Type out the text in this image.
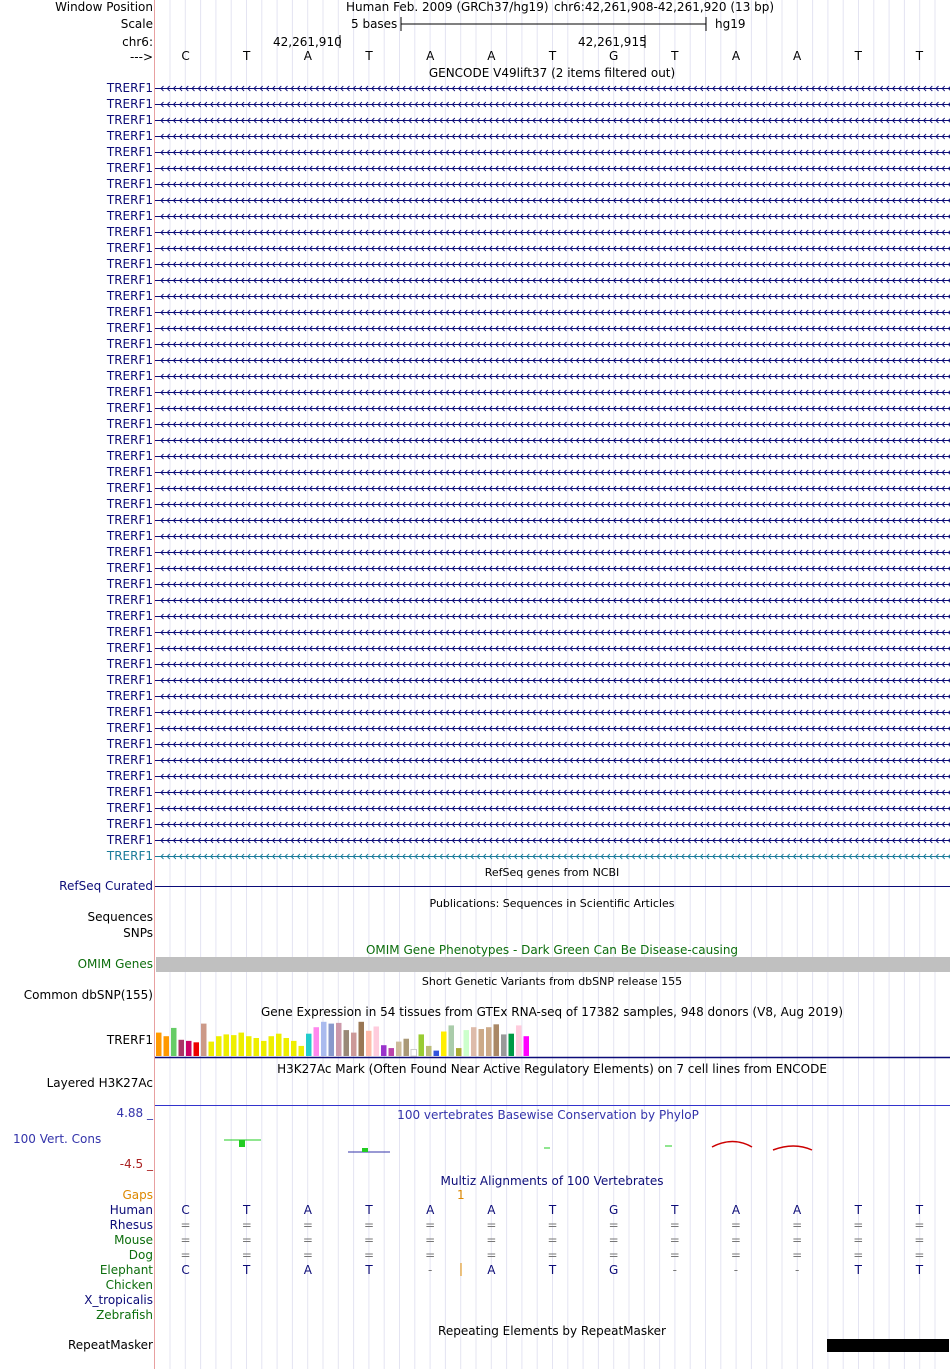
Window Position	Human Feb. 2009 (GRCh37/hg19) chr6:42,261,908-42,261,920 (13 bp)
Scale	5 bases	hg19
chr6:	42,261,910	42,261,915
---> C	T	A	T	A	A	T	G	T	A	A	T	T
GENCODE V49lift37 (2 items filtered out)
TRERF1
TRERF1
TRERF1
TRERF1
TRERF1
TRERF1
TRERF1
TRERF1
TRERF1
TRERF1
TRERF1
TRERF1
TRERF1
TRERF1
TRERF1
TRERF1
TRERF1
TRERF1
TRERF1
TRERF1
TRERF1
TRERF1
TRERF1
TRERF1
TRERF1
TRERF1
TRERF1
TRERF1
TRERF1
TRERF1
TRERF1
TRERF1
TRERF1
TRERF1
TRERF1
TRERF1
TRERF1
TRERF1
TRERF1
TRERF1
TRERF1
TRERF1
TRERF1
TRERF1
TRERF1
TRERF1
TRERF1
TRERF1
TRERF1
RefSeq genes from NCBI
RefSeq Curated
Publications: Sequences in Scientific Articles
Sequences
SNPs
OMIM Gene Phenotypes - Dark Green Can Be Disease-causing
OMIM Genes
Short Genetic Variants from dbSNP release 155
Common dbSNP(155)
Gene Expression in 54 tissues from GTEx RNA-seq of 17382 samples, 948 donors (V8, Aug 2019)
TRERF1
H3K27Ac Mark (Often Found Near Active Regulatory Elements) on 7 cell lines from ENCODE
Layered H3K27Ac
100 vertebrates Basewise Conservation by PhyloP
4.88 _
100 Vert. Cons
-4.5 _
Multiz Alignments of 100 Vertebrates
Gaps	1
Human C	T	A	T	A	A	T	G	T	A	A	T	T
Rhesus =	=	=	=	=	=	=	=	=	=	=	=	=
Mouse =	=	=	=	=	=	=	=	=	=	=	=	=
Dog =	=	=	=	=	=	=	=	=	=	=	=	=
Elephant C	T	A	T	-	A	T	G	-	-	-	T	T
Chicken
X_tropicalis
Zebrafish
Repeating Elements by RepeatMasker
RepeatMasker
